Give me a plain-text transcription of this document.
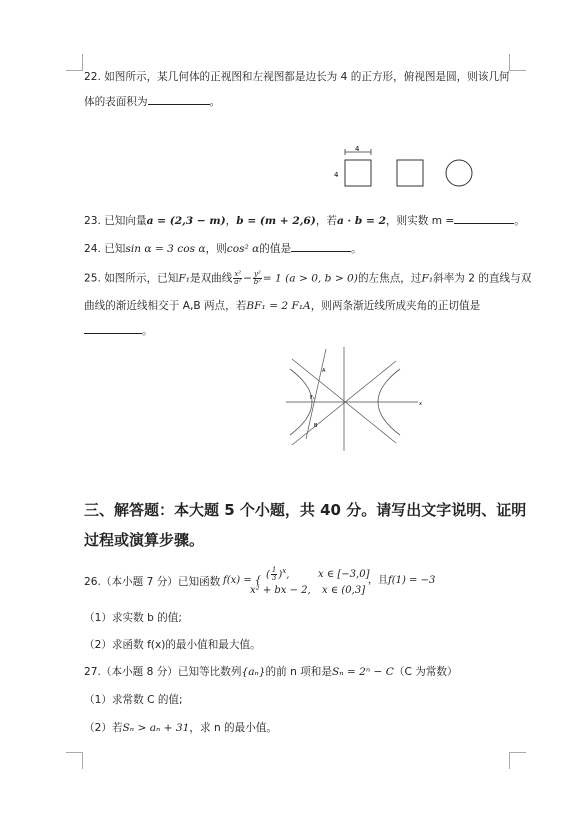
22. 如图所示，某几何体的正视图和左视图都是边长为 4 的正方形，俯视图是圆，则该几何
体的表面积为	。
4
4
23. 已知向量a = (2,3 − m)，b = (m + 2,6)，若a · b = 2，则实数 m =	。
24. 已知sin α = 3 cos α，则cos² α的值是	。
25. 如图所示，已知F₁是双曲线 $\frac{\text{x²}}{\text{a²}} - \frac{\text{y²}}{\text{b²}} = 1$ (a > 0, b > 0)的左焦点，过F₁斜率为 2 的直线与双
曲线的渐近线相交于 A,B 两点，若BF₁ = 2 F₁A，则两条渐近线所成夹角的正切值是
。
A
B
F₁
x
三、解答题：本大题 5 个小题，共 40 分。请写出文字说明、证明
过程或演算步骤。
26.（本小题 7 分）已知函数 f(x) = {
( $\frac{1}{3} )^x$,	x ∈ [−3,0]
x² + bx − 2, x ∈ (0,3]
，且f(1) = −3
（1）求实数 b 的值;
（2）求函数 f(x)的最小值和最大值。
27.（本小题 8 分）已知等比数列{aₙ}的前 n 项和是Sₙ = 2ⁿ − C（C 为常数）
（1）求常数 C 的值;
（2）若Sₙ > aₙ + 31，求 n 的最小值。
